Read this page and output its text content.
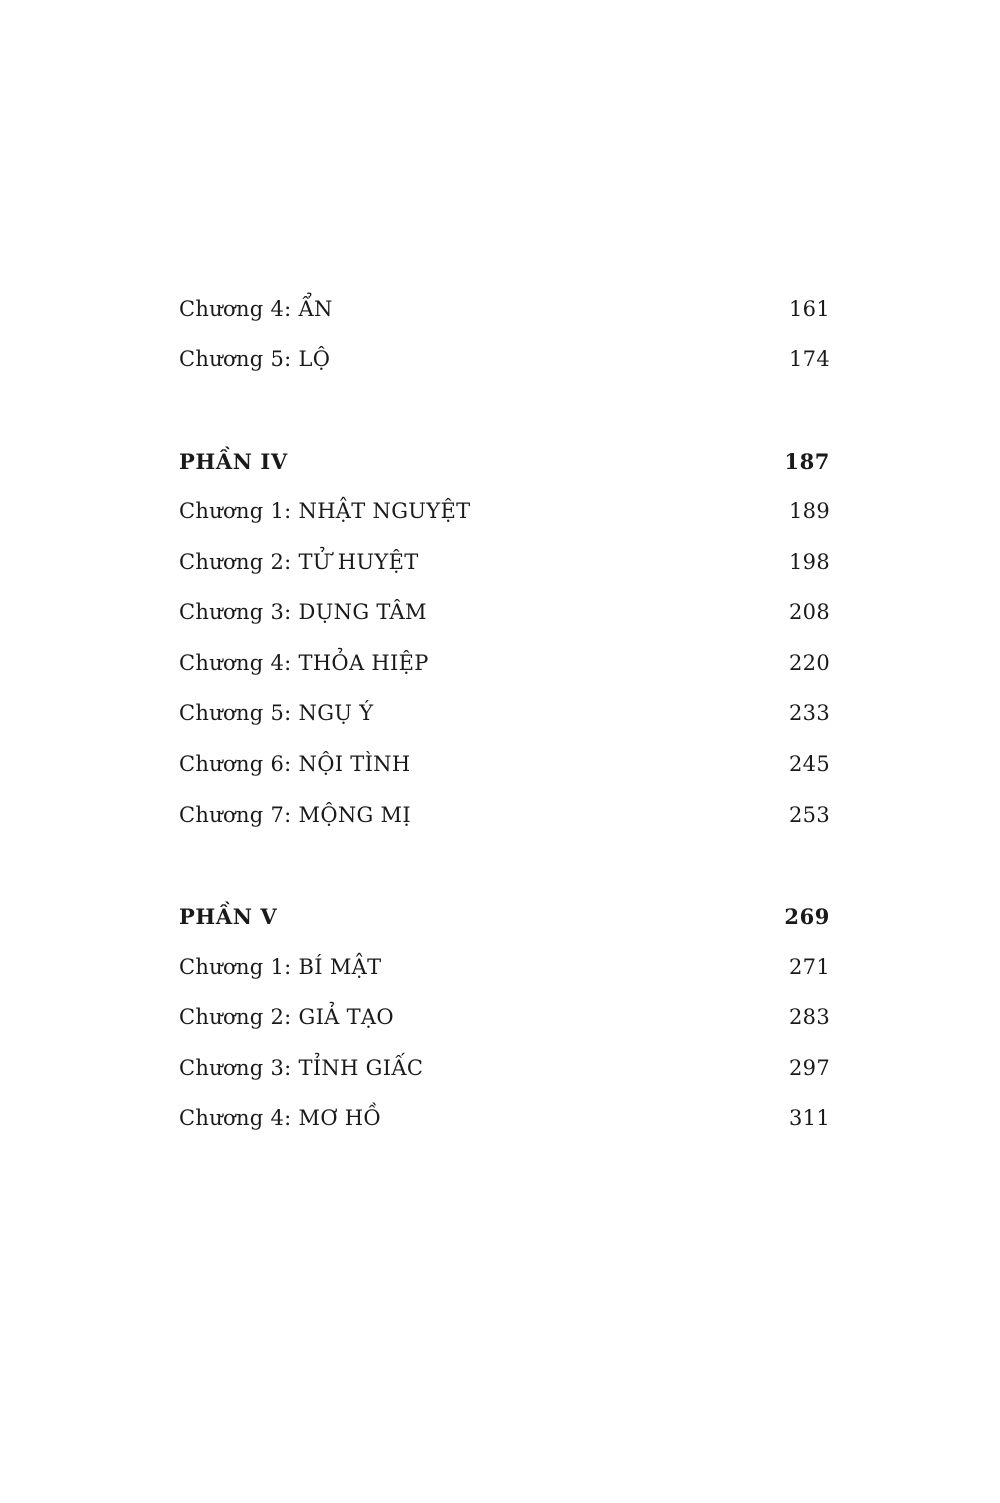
Chương 4: ẨN	161
Chương 5: LỘ	174
PHẦN IV	187
Chương 1: NHẬT NGUYỆT	189
Chương 2: TỬ HUYỆT	198
Chương 3: DỤNG TÂM	208
Chương 4: THỎA HIỆP	220
Chương 5: NGỤ Ý	233
Chương 6: NỘI TÌNH	245
Chương 7: MỘNG MỊ	253
PHẦN V	269
Chương 1: BÍ MẬT	271
Chương 2: GIẢ TẠO	283
Chương 3: TỈNH GIẤC	297
Chương 4: MƠ HỒ	311
